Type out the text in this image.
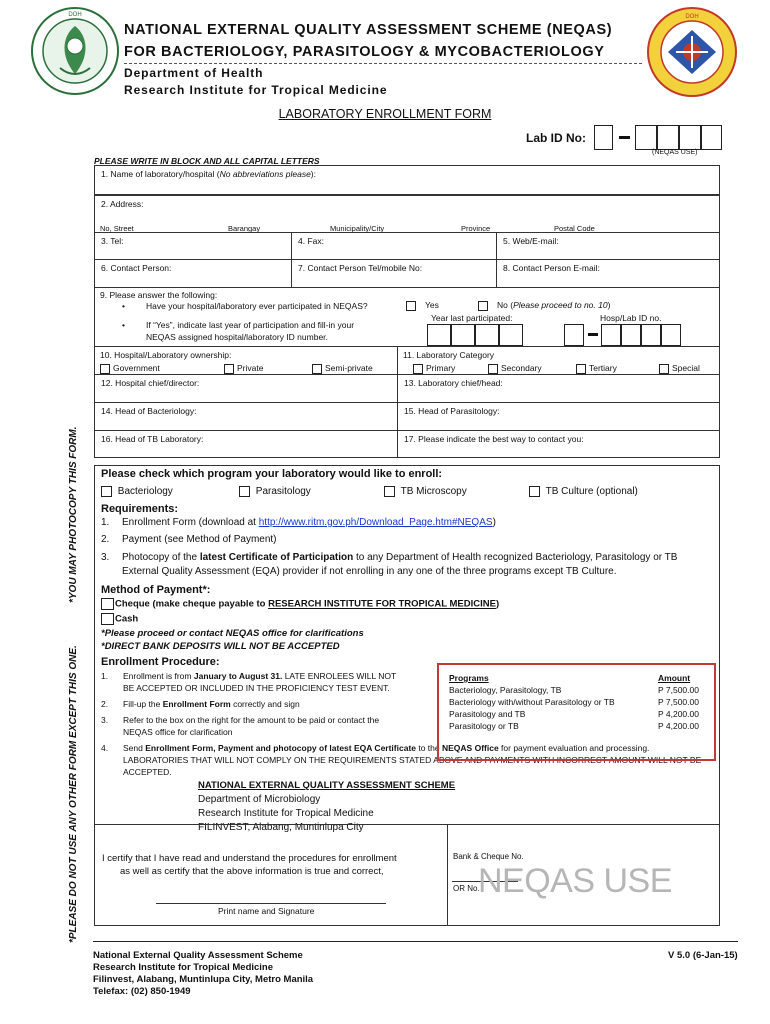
DOH
NATIONAL EXTERNAL QUALITY ASSESSMENT SCHEME (NEQAS)
FOR BACTERIOLOGY, PARASITOLOGY & MYCOBACTERIOLOGY
Department of Health
Research Institute for Tropical Medicine
DOH
LABORATORY ENROLLMENT FORM
Lab ID No:
(NEQAS USE)
PLEASE WRITE IN BLOCK AND ALL CAPITAL LETTERS
*YOU MAY PHOTOCOPY THIS FORM.
*PLEASE DO NOT USE ANY OTHER FORM EXCEPT THIS ONE.
1. Name of laboratory/hospital (No abbreviations please):
2. Address:
No, Street	Barangay	Municipality/City	Province	Postal Code
3. Tel:	4. Fax:	5. Web/E-mail:
6. Contact Person:	7. Contact Person Tel/mobile No:	8. Contact Person E-mail:
9. Please answer the following:
• Have your hospital/laboratory ever participated in NEQAS?	Yes	No (Please proceed to no. 10)
• If “Yes”, indicate last year of participation and fill-in your
NEQAS assigned hospital/laboratory ID number.
Year last participated:	Hosp/Lab ID no.
10. Hospital/Laboratory ownership:
Government	Private	Semi-private
11. Laboratory Category
Primary	Secondary	Tertiary	Special
12. Hospital chief/director:	13. Laboratory chief/head:
14. Head of Bacteriology:	15. Head of Parasitology:
16. Head of TB Laboratory:	17. Please indicate the best way to contact you:
Please check which program your laboratory would like to enroll:
Bacteriology	Parasitology	TB Microscopy	TB Culture (optional)
Requirements:
1. Enrollment Form (download at http://www.ritm.gov.ph/Download_Page.htm#NEQAS)
2. Payment (see Method of Payment)
3. Photocopy of the latest Certificate of Participation to any Department of Health recognized Bacteriology, Parasitology or TB
External Quality Assessment (EQA) provider if not enrolling in any one of the three programs except TB Culture.
Method of Payment*:
Cheque (make cheque payable to RESEARCH INSTITUTE FOR TROPICAL MEDICINE)
Cash
*Please proceed or contact NEQAS office for clarifications
*DIRECT BANK DEPOSITS WILL NOT BE ACCEPTED
Enrollment Procedure:
1. Enrollment is from January to August 31. LATE ENROLEES WILL NOT
BE ACCEPTED OR INCLUDED IN THE PROFICIENCY TEST EVENT.
2. Fill-up the Enrollment Form correctly and sign
3. Refer to the box on the right for the amount to be paid or contact the
NEQAS office for clarification
4. Send Enrollment Form, Payment and photocopy of latest EQA Certificate to the NEQAS Office for payment evaluation and processing.
LABORATORIES THAT WILL NOT COMPLY ON THE REQUIREMENTS STATED ABOVE AND PAYMENTS WITH INCORRECT AMOUNT WILL NOT BE
ACCEPTED.
NATIONAL EXTERNAL QUALITY ASSESSMENT SCHEME
Department of Microbiology
Research Institute for Tropical Medicine
FILINVEST, Alabang, Muntinlupa City
Programs	Amount
Bacteriology, Parasitology, TB	P 7,500.00
Bacteriology with/without Parasitology or TB	P 7,500.00
Parasitology and TB	P 4,200.00
Parasitology or TB	P 4,200.00
I certify that I have read and understand the procedures for enrollment
as well as certify that the above information is true and correct,
Print name and Signature
Bank & Cheque No.
OR No.
NEQAS USE
National External Quality Assessment Scheme
Research Institute for Tropical Medicine
Filinvest, Alabang, Muntinlupa City, Metro Manila
Telefax: (02) 850-1949
V 5.0 (6-Jan-15)
